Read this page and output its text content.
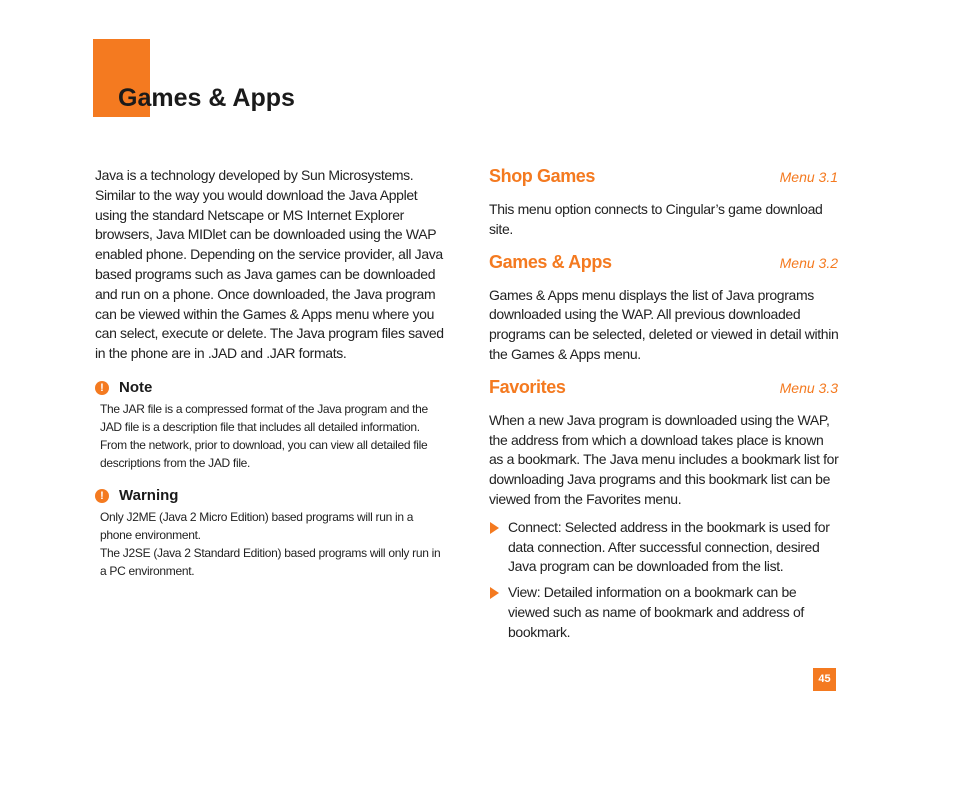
Games & Apps

Java is a technology developed by Sun Microsystems. Similar to the way you would download the Java Applet using the standard Netscape or MS Internet Explorer browsers, Java MIDlet can be downloaded using the WAP enabled phone. Depending on the service provider, all Java based programs such as Java games can be downloaded and run on a phone. Once downloaded, the Java program can be viewed within the Games & Apps menu where you can select, execute or delete. The Java program files saved in the phone are in .JAD and .JAR formats.

!	Note

The JAR file is a compressed format of the Java program and the JAD file is a description file that includes all detailed information. From the network, prior to download, you can view all detailed file descriptions from the JAD file.

!	Warning

Only J2ME (Java 2 Micro Edition) based programs will run in a phone environment.

The J2SE (Java 2 Standard Edition) based programs will only run in a PC environment.

Shop Games	Menu 3.1

This menu option connects to Cingular’s game download site.

Games & Apps	Menu 3.2

Games & Apps menu displays the list of Java programs downloaded using the WAP. All previous downloaded programs can be selected, deleted or viewed in detail within the Games & Apps menu.

Favorites	Menu 3.3

When a new Java program is downloaded using the WAP, the address from which a download takes place is known as a bookmark. The Java menu includes a bookmark list for downloading Java programs and this bookmark list can be viewed from the Favorites menu.

Connect: Selected address in the bookmark is used for data connection. After successful connection, desired Java program can be downloaded from the list.

View: Detailed information on a bookmark can be viewed such as name of bookmark and address of bookmark.

45
